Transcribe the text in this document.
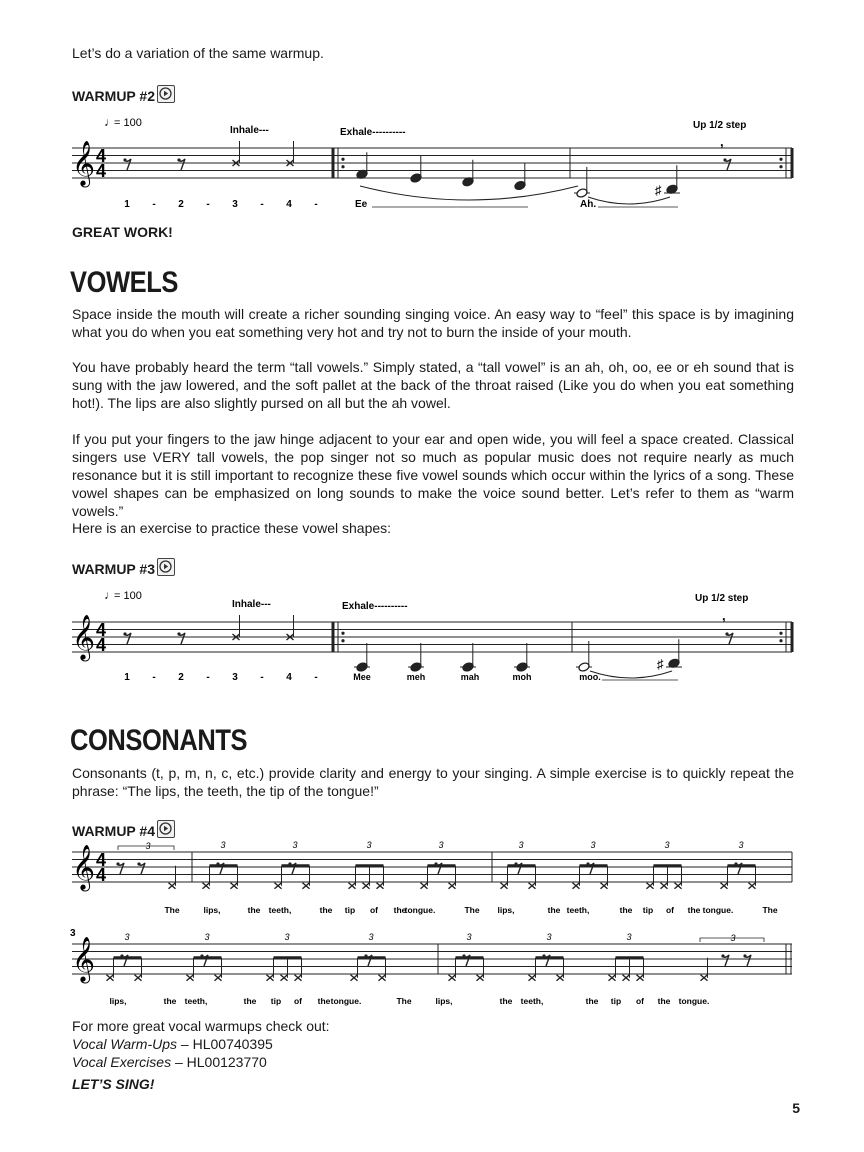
Let’s do a variation of the same warmup.
WARMUP #2
𝄞 4
4
♯
,
♩
= 100
Inhale---	Exhale----------
Up 1/2 step
1 - 2 - 3 - 4 -	Ee	Ah.
GREAT WORK!
VOWELS
Space inside the mouth will create a richer sounding singing voice. An easy way to “feel” this space is by imagining what you do when you eat something very hot and try not to burn the inside of your mouth.
You have probably heard the term “tall vowels.” Simply stated, a “tall vowel” is an ah, oh, oo, ee or eh sound that is sung with the jaw lowered, and the soft pallet at the back of the throat raised (Like you do when you eat something hot!). The lips are also slightly pursed on all but the ah vowel.
If you put your fingers to the jaw hinge adjacent to your ear and open wide, you will feel a space created. Classical singers use VERY tall vowels, the pop singer not so much as popular music does not require nearly as much resonance but it is still important to recognize these five vowel sounds which occur within the lyrics of a song. These vowel shapes can be emphasized on long sounds to make the voice sound better. Let’s refer to them as “warm vowels.”
Here is an exercise to practice these vowel shapes:
WARMUP #3
𝄞 4
4
♯
,
♩
= 100
Inhale---	Exhale----------
Up 1/2 step
1 - 2 - 3 - 4 -	Mee	meh	mah	moh	moo.
CONSONANTS
Consonants (t, p, m, n, c, etc.) provide clarity and energy to your singing. A simple exercise is to quickly repeat the phrase: “The lips, the teeth, the tip of the tongue!”
WARMUP #4
𝄞 4
4
3	3	3	3	3	3	3	3	3
The	lips,	the teeth,	the tip of the
tongue.	The lips,	the teeth,	the tip of the tongue.	The
3
𝄞
3	3	3	3	3	3	3	3
lips,	the teeth,	the tip of the tongue.	The	lips,	the teeth,	the tip of the tongue.
For more great vocal warmups check out:
Vocal Warm-Ups – HL00740395
Vocal Exercises – HL00123770
LET’S SING!
5
